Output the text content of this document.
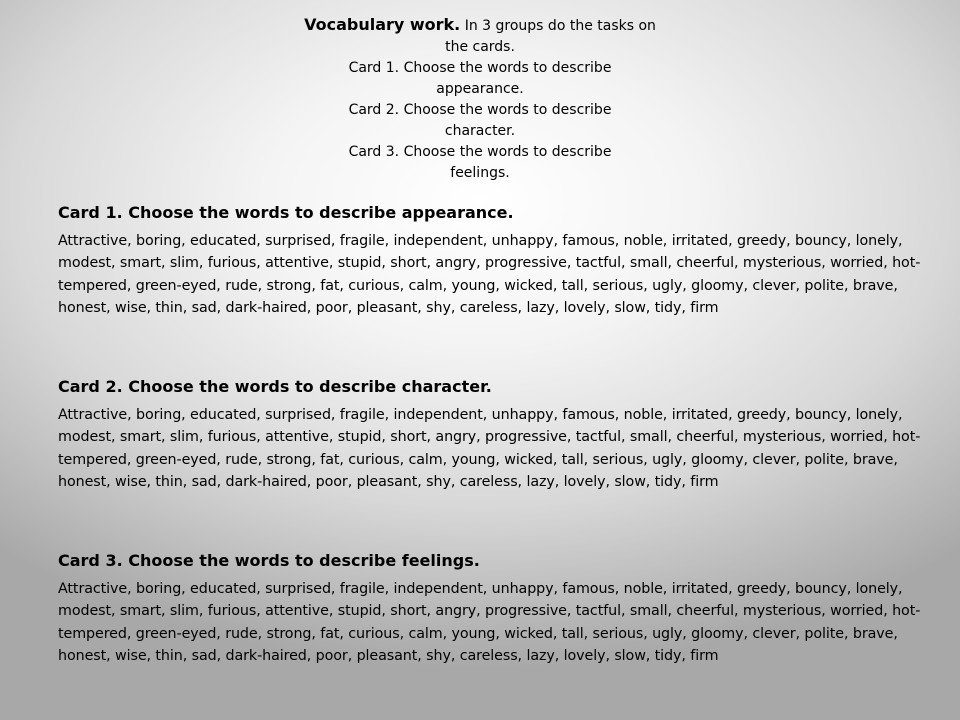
Vocabulary work. In 3 groups do the tasks on
the cards.
Card 1. Choose the words to describe
appearance.
Card 2. Choose the words to describe
character.
Card 3. Choose the words to describe
feelings.

Card 1. Choose the words to describe appearance.

Attractive, boring, educated, surprised, fragile, independent, unhappy, famous, noble, irritated, greedy, bouncy, lonely, modest, smart, slim, furious, attentive, stupid, short, angry, progressive, tactful, small, cheerful, mysterious, worried, hot-tempered, green-eyed, rude, strong, fat, curious, calm, young, wicked, tall, serious, ugly, gloomy, clever, polite, brave, honest, wise, thin, sad, dark-haired, poor, pleasant, shy, careless, lazy, lovely, slow, tidy, firm

Card 2. Choose the words to describe character.

Attractive, boring, educated, surprised, fragile, independent, unhappy, famous, noble, irritated, greedy, bouncy, lonely, modest, smart, slim, furious, attentive, stupid, short, angry, progressive, tactful, small, cheerful, mysterious, worried, hot-tempered, green-eyed, rude, strong, fat, curious, calm, young, wicked, tall, serious, ugly, gloomy, clever, polite, brave, honest, wise, thin, sad, dark-haired, poor, pleasant, shy, careless, lazy, lovely, slow, tidy, firm

Card 3. Choose the words to describe feelings.

Attractive, boring, educated, surprised, fragile, independent, unhappy, famous, noble, irritated, greedy, bouncy, lonely, modest, smart, slim, furious, attentive, stupid, short, angry, progressive, tactful, small, cheerful, mysterious, worried, hot-tempered, green-eyed, rude, strong, fat, curious, calm, young, wicked, tall, serious, ugly, gloomy, clever, polite, brave, honest, wise, thin, sad, dark-haired, poor, pleasant, shy, careless, lazy, lovely, slow, tidy, firm
